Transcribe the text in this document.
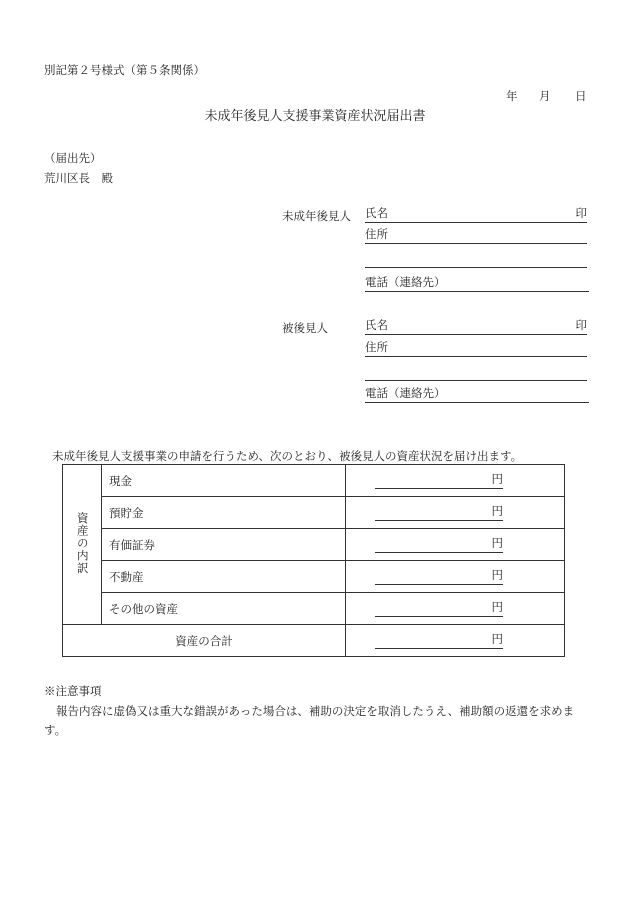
別記第２号様式（第５条関係）
年 月 日
未成年後見人支援事業資産状況届出書
（届出先）
荒川区長　殿
未成年後見人 氏名	印
住所
電話（連絡先）
被後見人	氏名	印
住所
電話（連絡先）
未成年後見人支援事業の申請を行うため、次のとおり、被後見人の資産状況を届け出ます。
資産の内訳	現金	円

	預貯金	円

	有価証券	円

	不動産	円

	その他の資産	円

資産の合計		円
※注意事項
報告内容に虚偽又は重大な錯誤があった場合は、補助の決定を取消したうえ、補助額の返還を求めます。
